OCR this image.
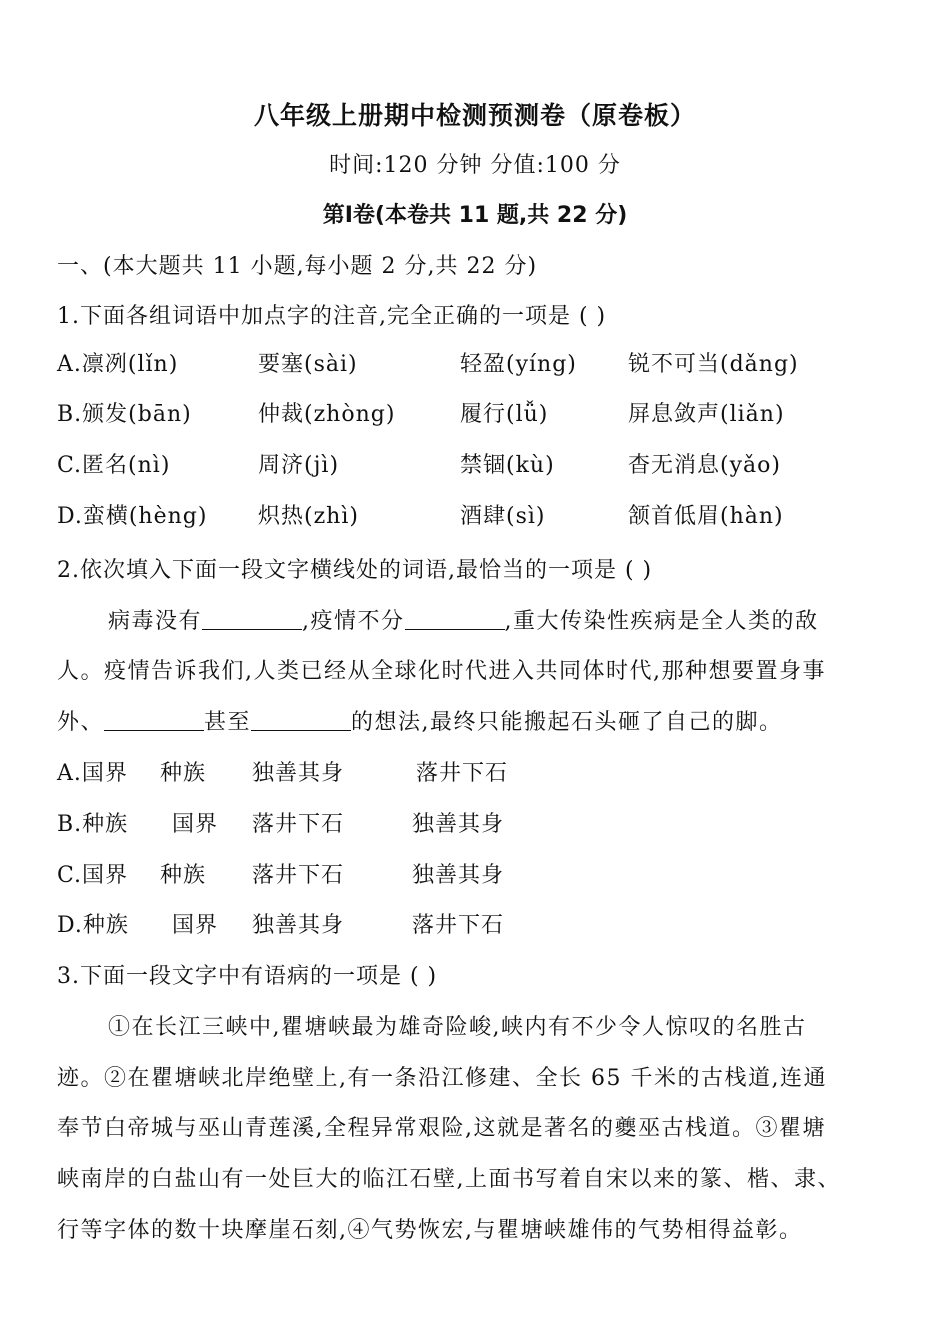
八年级上册期中检测预测卷（原卷板）
时间:120 分钟 分值:100 分
第Ⅰ卷(本卷共 11 题,共 22 分)
一、(本大题共 11 小题,每小题 2 分,共 22 分)
1.下面各组词语中加点字的注音,完全正确的一项是 ( )
A.凛冽(lǐn)	要塞(sài)	轻盈(yíng) 锐不可当(dǎng)
B.颁发(bān)	仲裁(zhòng)	履行(lǚ)	屏息敛声(liǎn)
C.匿名(nì)	周济(jì)	禁锢(kù)	杳无消息(yǎo)
D.蛮横(hèng) 炽热(zhì)	酒肆(sì)	颔首低眉(hàn)
2.依次填入下面一段文字横线处的词语,最恰当的一项是 ( )
病毒没有	,疫情不分	,重大传染性疾病是全人类的敌
人。疫情告诉我们,人类已经从全球化时代进入共同体时代,那种想要置身事
外、	甚至	的想法,最终只能搬起石头砸了自己的脚。
A.国界 种族 独善其身	落井下石
B.种族 国界 落井下石	独善其身
C.国界 种族 落井下石	独善其身
D.种族 国界 独善其身	落井下石
3.下面一段文字中有语病的一项是 ( )
①在长江三峡中,瞿塘峡最为雄奇险峻,峡内有不少令人惊叹的名胜古
迹。②在瞿塘峡北岸绝壁上,有一条沿江修建、全长 65 千米的古栈道,连通
奉节白帝城与巫山青莲溪,全程异常艰险,这就是著名的夔巫古栈道。③瞿塘
峡南岸的白盐山有一处巨大的临江石壁,上面书写着自宋以来的篆、楷、隶、
行等字体的数十块摩崖石刻,④气势恢宏,与瞿塘峡雄伟的气势相得益彰。
